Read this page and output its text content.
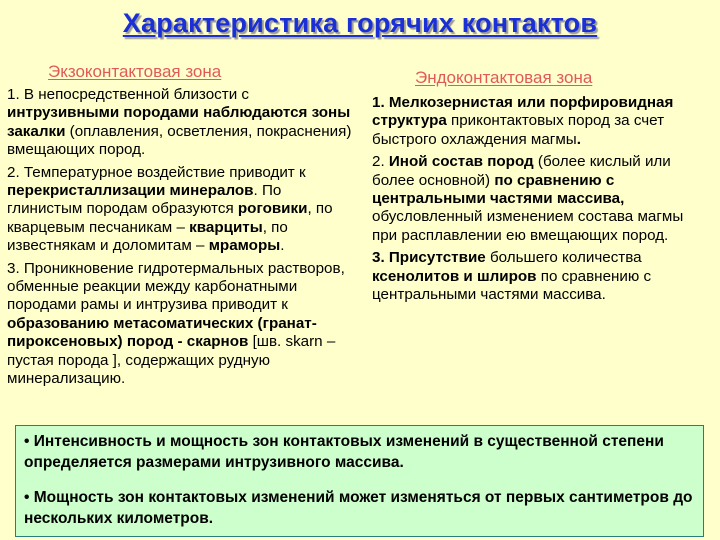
Характеристика горячих контактов
Экзоконтактовая зона	Эндоконтактовая зона

1. В непосредственной близости с интрузивными породами наблюдаются зоны закалки (оплавления, осветления, покраснения) вмещающих пород.

2. Температурное воздействие приводит к перекристаллизации минералов. По глинистым породам образуются роговики, по кварцевым песчаникам – кварциты, по известнякам и доломитам – мраморы.

3. Проникновение гидротермальных растворов, обменные реакции между карбонатными породами рамы и интрузива приводит к образованию метасоматических (гранат-пироксеновых) пород - скарнов [шв. skarn – пустая порода ], содержащих рудную минерализацию.

1. Мелкозернистая или порфировидная структура приконтактовых пород за счет быстрого охлаждения магмы.

2. Иной состав пород (более кислый или более основной) по сравнению с центральными частями массива, обусловленный изменением состава магмы при расплавлении ею вмещающих пород.

3. Присутствие большего количества ксенолитов и шлиров по сравнению с центральными частями массива.

• Интенсивность и мощность зон контактовых изменений в существенной степени определяется размерами интрузивного массива.

• Мощность зон контактовых изменений может изменяться от первых сантиметров до нескольких километров.
